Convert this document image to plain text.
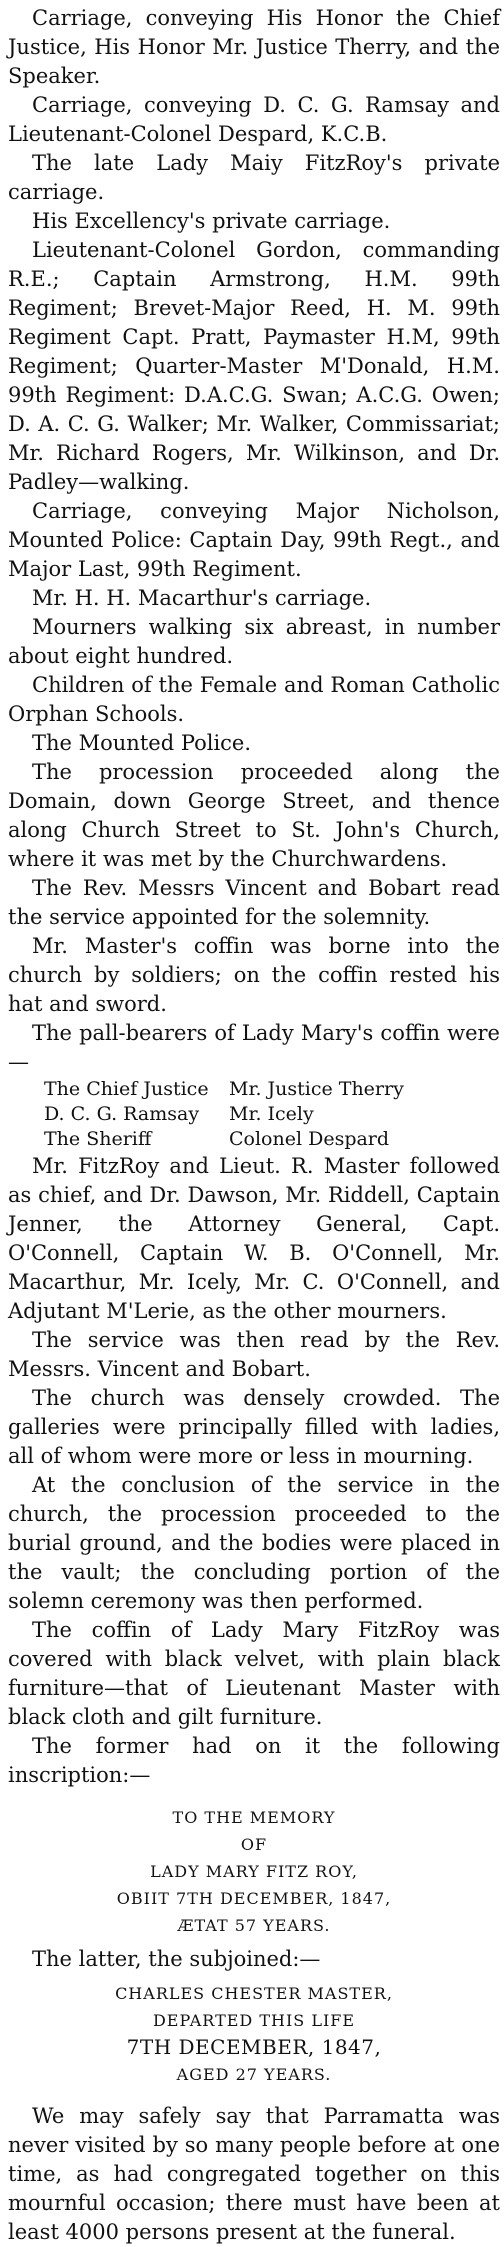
Carriage, conveying His Honor the Chief Justice, His Honor Mr. Justice Therry, and the Speaker.

Carriage, conveying D. C. G. Ramsay and Lieutenant-Colonel Despard, K.C.B.

The late Lady Maiy FitzRoy's private carriage.

His Excellency's private carriage.

Lieutenant-Colonel Gordon, commanding R.E.; Captain Armstrong, H.M. 99th Regiment; Brevet-Major Reed, H. M. 99th Regiment Capt. Pratt, Paymaster H.M, 99th Regiment; Quarter-Master M'Donald, H.M. 99th Regiment: D.A.C.G. Swan; A.C.G. Owen; D. A. C. G. Walker; Mr. Walker, Commissariat; Mr. Richard Rogers, Mr. Wilkinson, and Dr. Padley—walking.

Carriage, conveying Major Nicholson, Mounted Police: Captain Day, 99th Regt., and Major Last, 99th Regiment.

Mr. H. H. Macarthur's carriage.

Mourners walking six abreast, in number about eight hundred.

Children of the Female and Roman Catholic Orphan Schools.

The Mounted Police.

The procession proceeded along the Domain, down George Street, and thence along Church Street to St. John's Church, where it was met by the Churchwardens.

The Rev. Messrs Vincent and Bobart read the service appointed for the solemnity.

Mr. Master's coffin was borne into the church by soldiers; on the coffin rested his hat and sword.

The pall-bearers of Lady Mary's coffin were—

The Chief Justice	Mr. Justice Therry
D. C. G. Ramsay	Mr. Icely
The Sheriff	Colonel Despard

Mr. FitzRoy and Lieut. R. Master followed as chief, and Dr. Dawson, Mr. Riddell, Captain Jenner, the Attorney General, Capt. O'Connell, Captain W. B. O'Connell, Mr. Macarthur, Mr. Icely, Mr. C. O'Connell, and Adjutant M'Lerie, as the other mourners.

The service was then read by the Rev. Messrs. Vincent and Bobart.

The church was densely crowded. The galleries were principally filled with ladies, all of whom were more or less in mourning.

At the conclusion of the service in the church, the procession proceeded to the burial ground, and the bodies were placed in the vault; the concluding portion of the solemn ceremony was then performed.

The coffin of Lady Mary FitzRoy was covered with black velvet, with plain black furniture—that of Lieutenant Master with black cloth and gilt furniture.

The former had on it the following inscription:—

TO THE MEMORY
OF
LADY MARY FITZ ROY,
OBIIT 7TH DECEMBER, 1847,
ÆTAT 57 YEARS.

The latter, the subjoined:—

CHARLES CHESTER MASTER,
DEPARTED THIS LIFE
7TH DECEMBER, 1847,
AGED 27 YEARS.

We may safely say that Parramatta was never visited by so many people before at one time, as had congregated together on this mournful occasion; there must have been at least 4000 persons present at the funeral.
